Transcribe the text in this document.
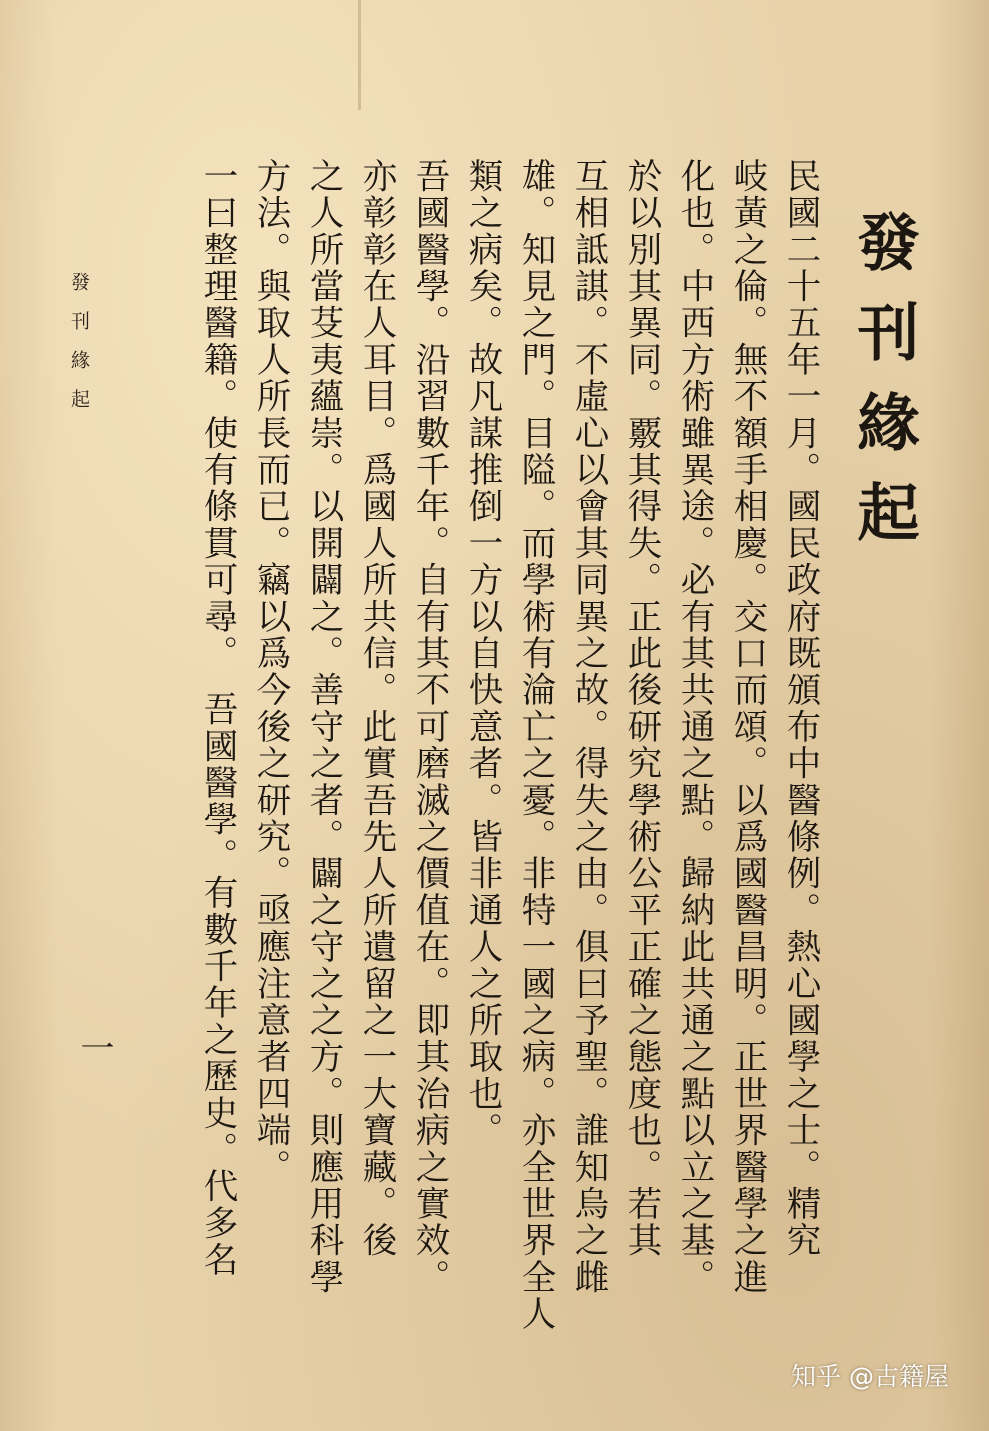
發刊緣起

民國二十五年一月。國民政府既頒布中醫條例。熱心國學之士。精究

岐黃之倫。無不額手相慶。交口而頌。以爲國醫昌明。正世界醫學之進

化也。中西方術雖異途。必有其共通之點。歸納此共通之點以立之基。

於以別其異同。覈其得失。正此後研究學術公平正確之態度也。若其

互相詆諆。不虛心以會其同異之故。得失之由。俱曰予聖。誰知烏之雌

雄。知見之門。目隘。而學術有淪亡之憂。非特一國之病。亦全世界全人

類之病矣。故凡謀推倒一方以自快意者。皆非通人之所取也。

吾國醫學。沿習數千年。自有其不可磨滅之價值在。即其治病之實效。

亦彰彰在人耳目。爲國人所共信。此實吾先人所遺留之一大寶藏。後

之人所當芟夷蘊崇。以開闢之。善守之者。闢之守之之方。則應用科學

方法。與取人所長而已。竊以爲今後之研究。亟應注意者四端。

一曰整理醫籍。使有條貫可尋。　吾國醫學。有數千年之歷史。代多名

發刊緣起
一
知乎 @古籍屋
